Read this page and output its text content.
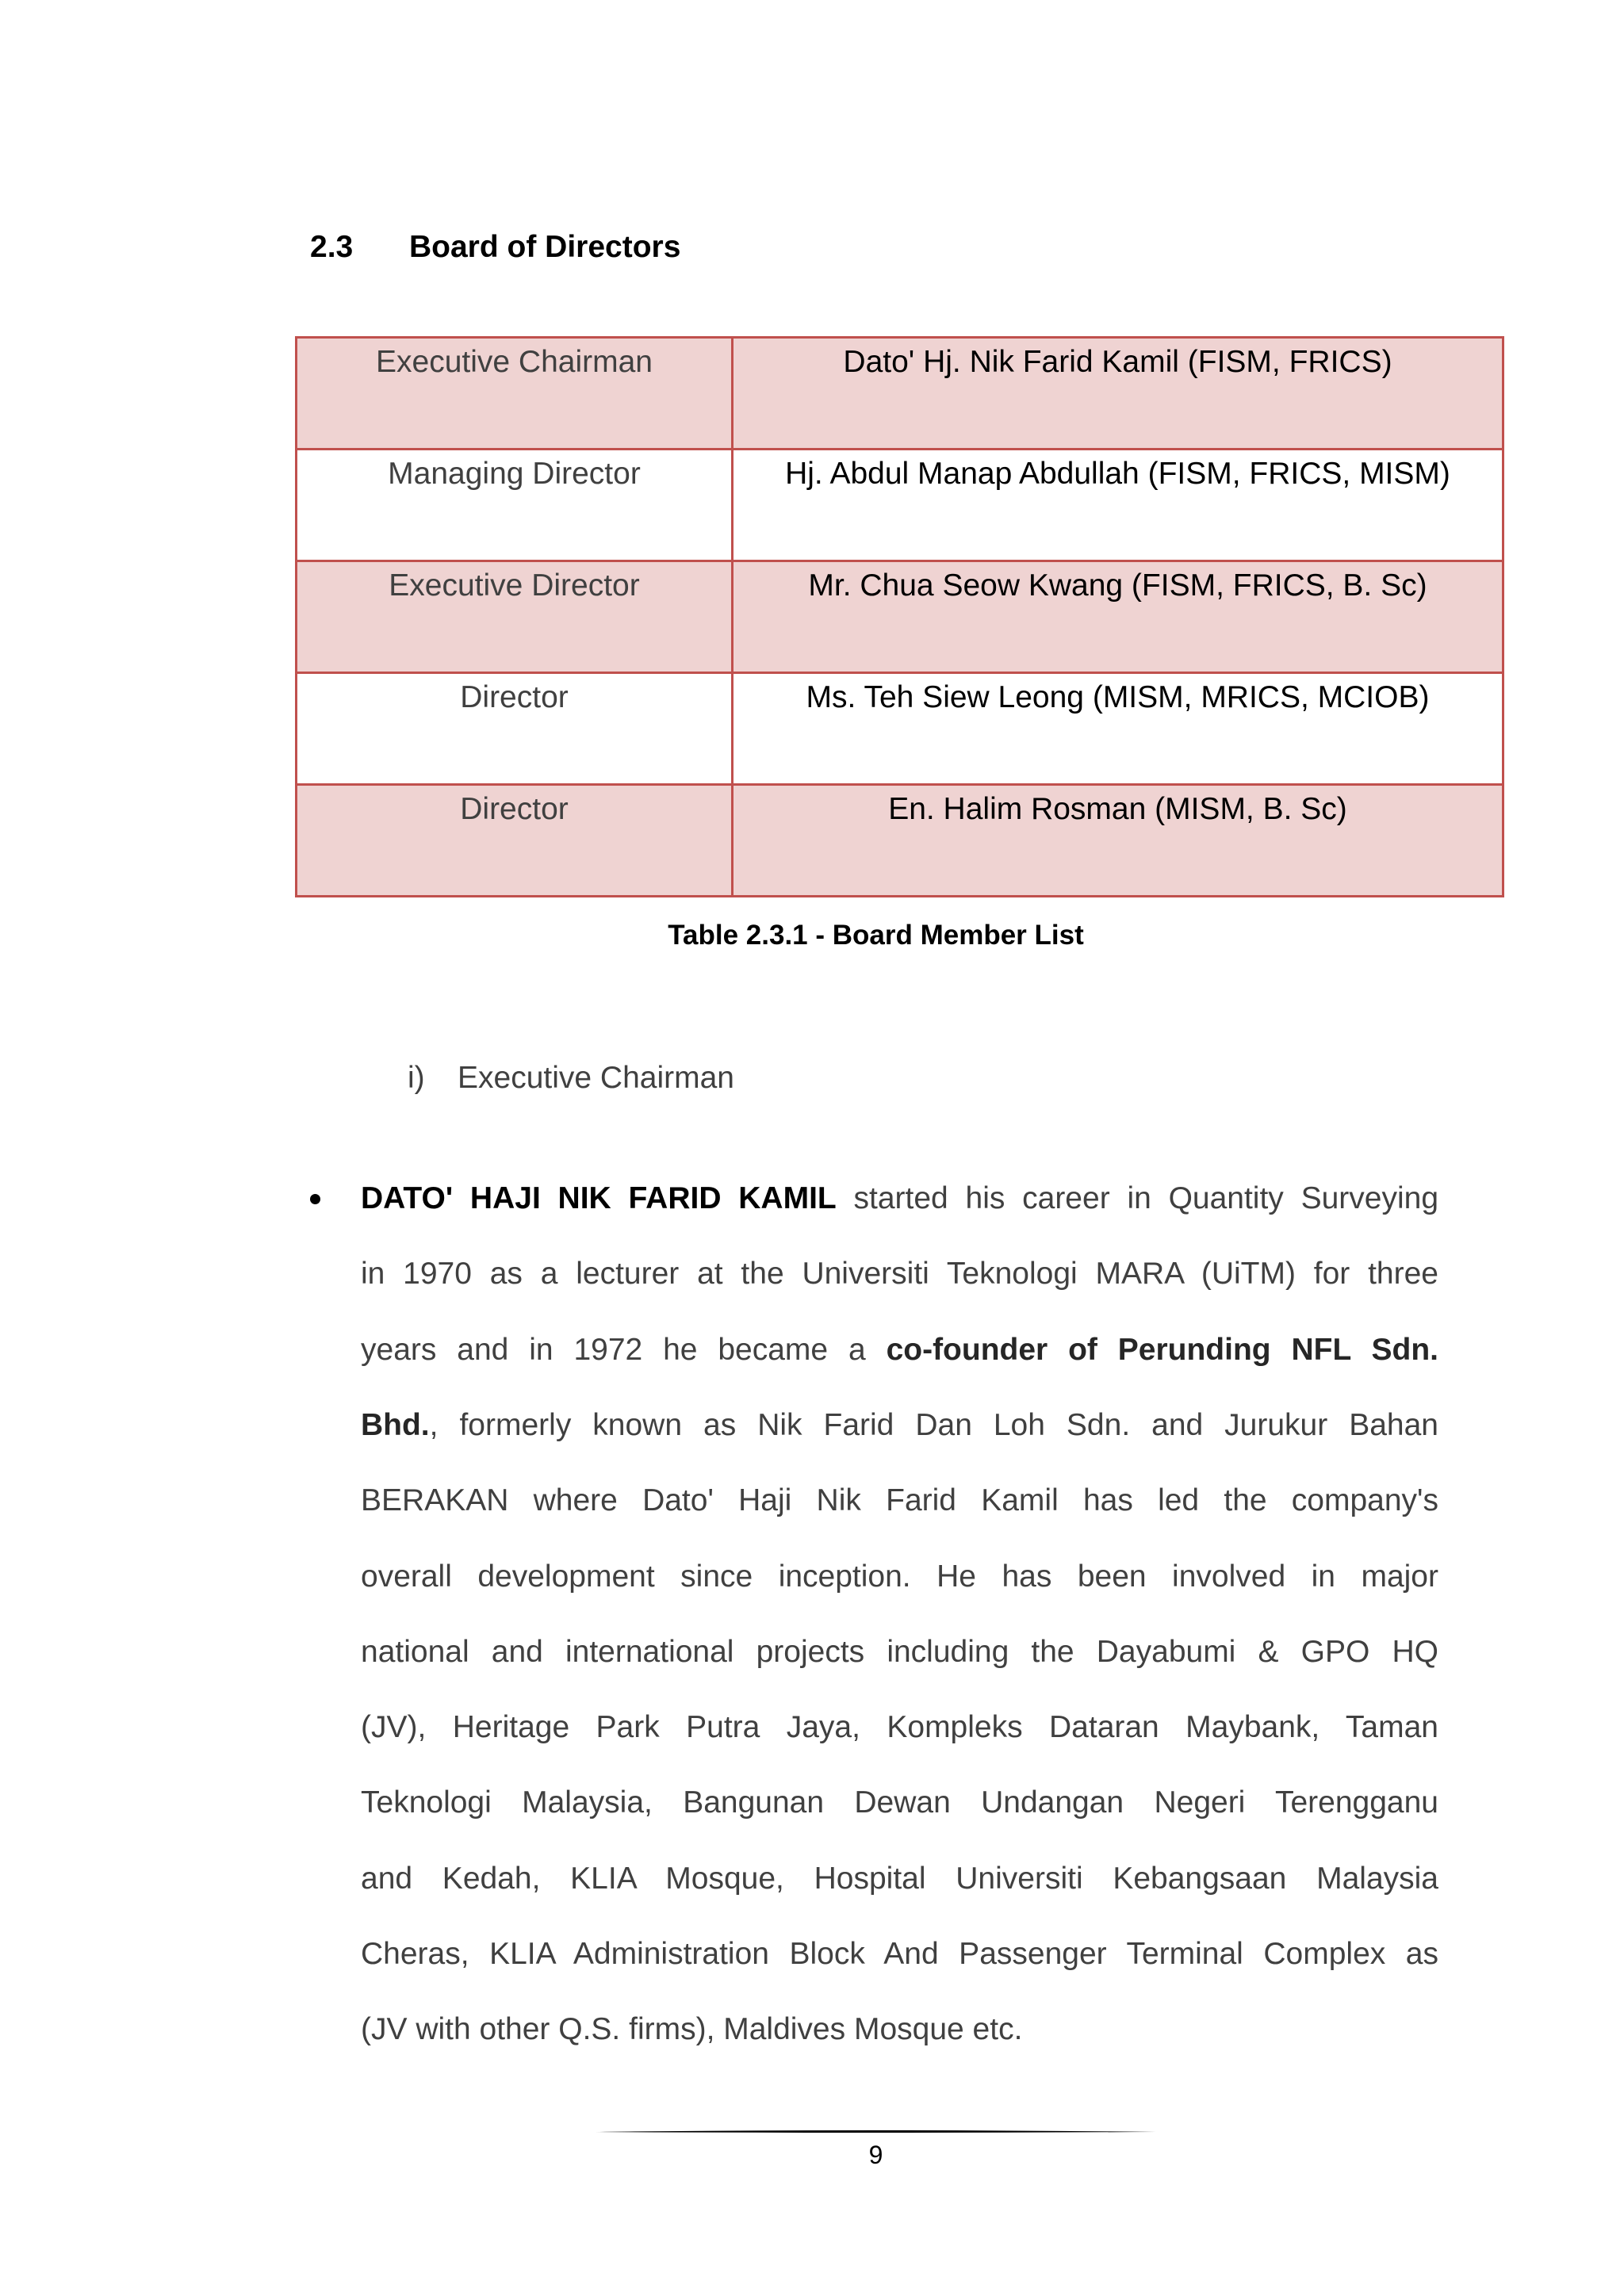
2.3 Board of Directors
Executive Chairman	Dato' Hj. Nik Farid Kamil (FISM, FRICS)
Managing Director	Hj. Abdul Manap Abdullah (FISM, FRICS, MISM)
Executive Director	Mr. Chua Seow Kwang (FISM, FRICS, B. Sc)
Director	Ms. Teh Siew Leong (MISM, MRICS, MCIOB)
Director	En. Halim Rosman (MISM, B. Sc)
Table 2.3.1 - Board Member List
i) Executive Chairman
DATO' HAJI NIK FARID KAMIL started his career in Quantity Surveying
in 1970 as a lecturer at the Universiti Teknologi MARA (UiTM) for three
years and in 1972 he became a co-founder of Perunding NFL Sdn.
Bhd., formerly known as Nik Farid Dan Loh Sdn. and Jurukur Bahan
BERAKAN where Dato' Haji Nik Farid Kamil has led the company's
overall development since inception. He has been involved in major
national and international projects including the Dayabumi & GPO HQ
(JV), Heritage Park Putra Jaya, Kompleks Dataran Maybank, Taman
Teknologi Malaysia, Bangunan Dewan Undangan Negeri Terengganu
and Kedah, KLIA Mosque, Hospital Universiti Kebangsaan Malaysia
Cheras, KLIA Administration Block And Passenger Terminal Complex as
(JV with other Q.S. firms), Maldives Mosque etc.
9
